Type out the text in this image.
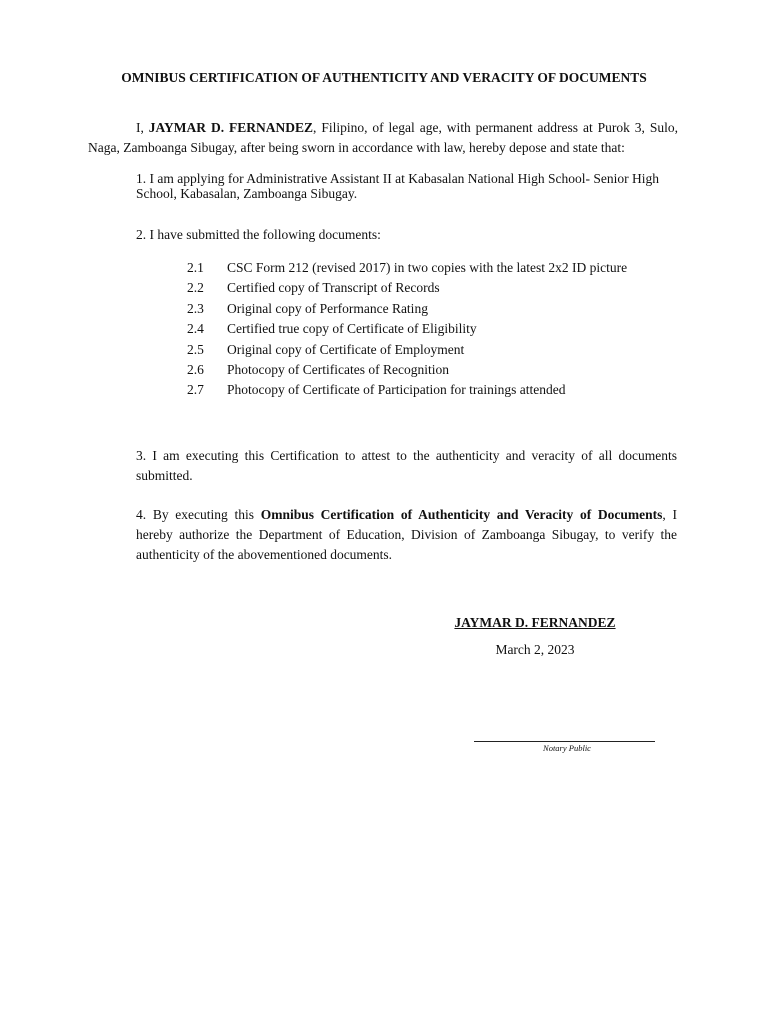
OMNIBUS CERTIFICATION OF AUTHENTICITY AND VERACITY OF DOCUMENTS
I, JAYMAR D. FERNANDEZ, Filipino, of legal age, with permanent address at Purok 3, Sulo, Naga, Zamboanga Sibugay, after being sworn in accordance with law, hereby depose and state that:
1. I am applying for Administrative Assistant II at Kabasalan National High School- Senior High School, Kabasalan, Zamboanga Sibugay.
2. I have submitted the following documents:
2.1 CSC Form 212 (revised 2017) in two copies with the latest 2x2 ID picture
2.2 Certified copy of Transcript of Records
2.3 Original copy of Performance Rating
2.4 Certified true copy of Certificate of Eligibility
2.5 Original copy of Certificate of Employment
2.6 Photocopy of Certificates of Recognition
2.7 Photocopy of Certificate of Participation for trainings attended
3. I am executing this Certification to attest to the authenticity and veracity of all documents submitted.
4. By executing this Omnibus Certification of Authenticity and Veracity of Documents, I hereby authorize the Department of Education, Division of Zamboanga Sibugay, to verify the authenticity of the abovementioned documents.
JAYMAR D. FERNANDEZ
March 2, 2023
Notary Public
